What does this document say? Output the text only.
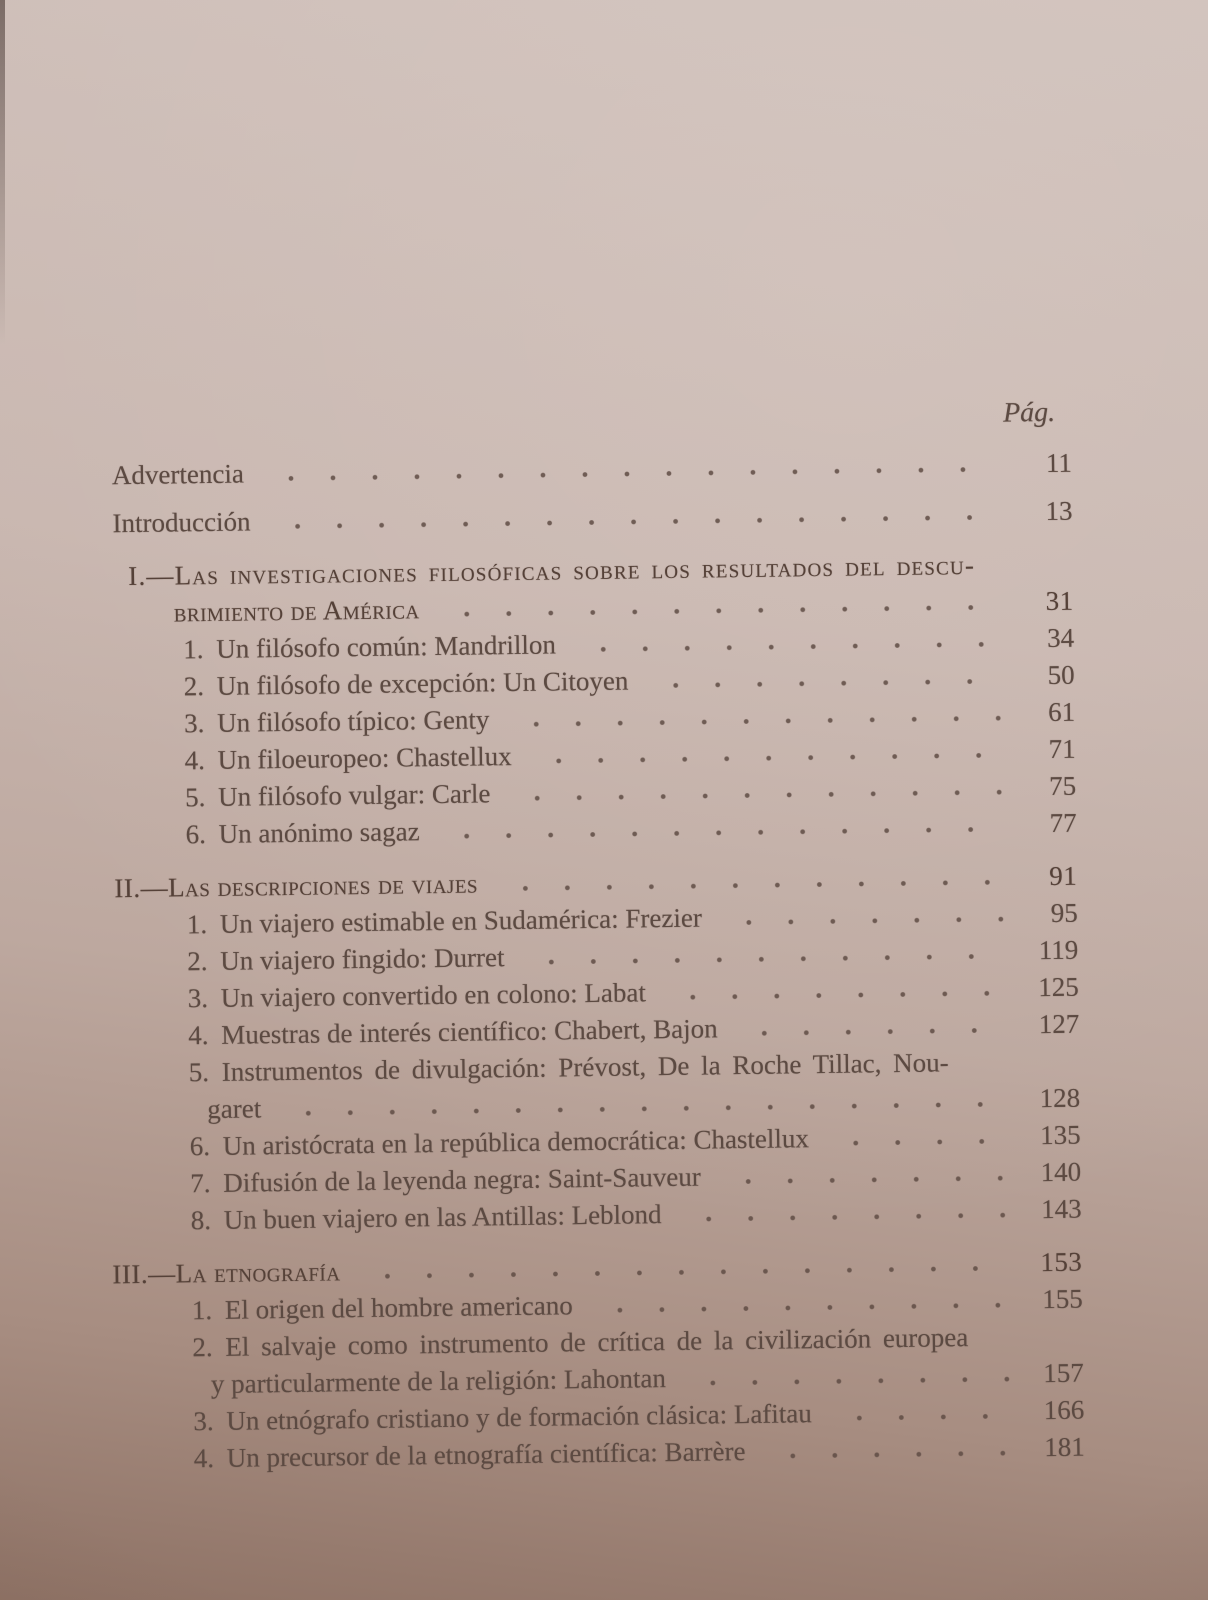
Pág.
Advertencia	11
Introducción	13
I.—Las investigaciones filosóficas sobre los resultados del descu-
brimiento de América	31
1. Un filósofo común: Mandrillon	34
2. Un filósofo de excepción: Un Citoyen	50
3. Un filósofo típico: Genty	61
4. Un filoeuropeo: Chastellux	71
5. Un filósofo vulgar: Carle	75
6. Un anónimo sagaz	77
II.—Las descripciones de viajes	91
1. Un viajero estimable en Sudamérica: Frezier	95
2. Un viajero fingido: Durret	119
3. Un viajero convertido en colono: Labat	125
4. Muestras de interés científico: Chabert, Bajon	127
5. Instrumentos de divulgación: Prévost, De la Roche Tillac, Nou-
garet	128
6. Un aristócrata en la república democrática: Chastellux	135
7. Difusión de la leyenda negra: Saint-Sauveur	140
8. Un buen viajero en las Antillas: Leblond	143
III.—La etnografía	153
1. El origen del hombre americano	155
2. El salvaje como instrumento de crítica de la civilización europea
y particularmente de la religión: Lahontan	157
3. Un etnógrafo cristiano y de formación clásica: Lafitau	166
4. Un precursor de la etnografía científica: Barrère	181
